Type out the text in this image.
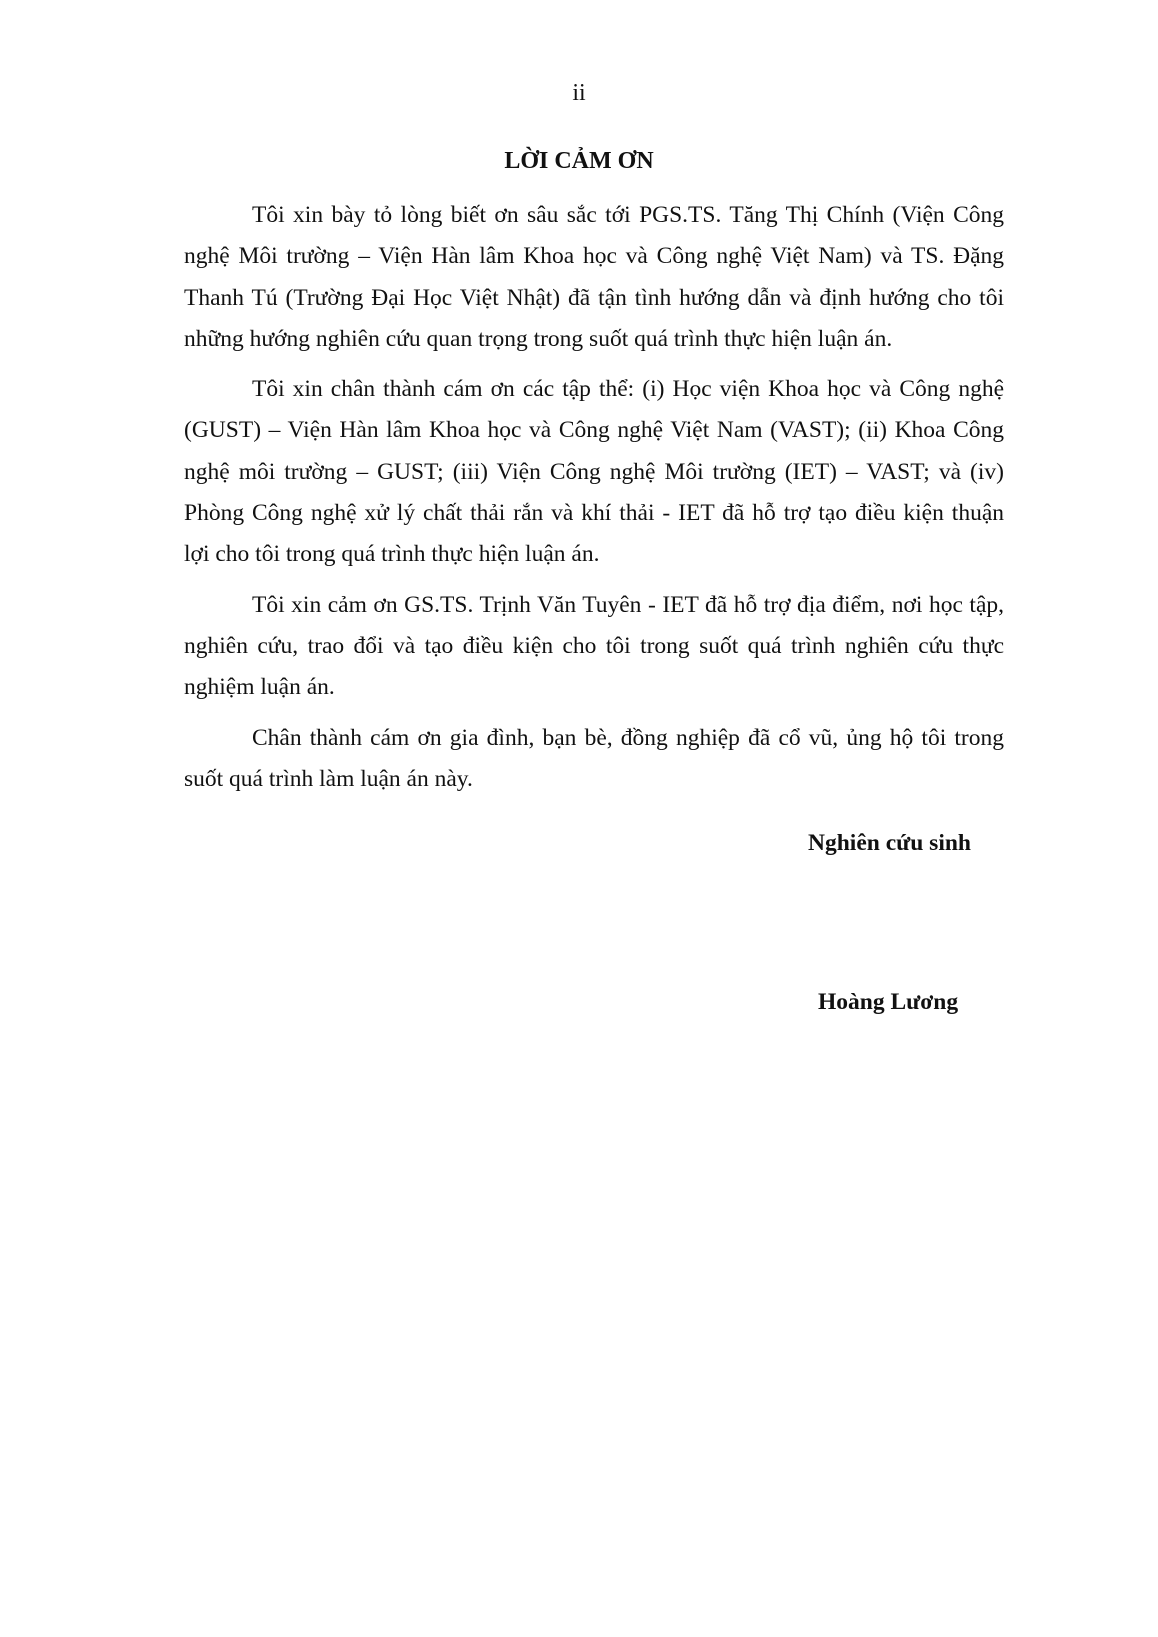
ii
LỜI CẢM ƠN
Tôi xin bày tỏ lòng biết ơn sâu sắc tới PGS.TS. Tăng Thị Chính (Viện Công
nghệ Môi trường – Viện Hàn lâm Khoa học và Công nghệ Việt Nam) và TS. Đặng
Thanh Tú (Trường Đại Học Việt Nhật) đã tận tình hướng dẫn và định hướng cho tôi
những hướng nghiên cứu quan trọng trong suốt quá trình thực hiện luận án.
Tôi xin chân thành cám ơn các tập thể: (i) Học viện Khoa học và Công nghệ
(GUST) – Viện Hàn lâm Khoa học và Công nghệ Việt Nam (VAST); (ii) Khoa Công
nghệ môi trường – GUST; (iii) Viện Công nghệ Môi trường (IET) – VAST; và (iv)
Phòng Công nghệ xử lý chất thải rắn và khí thải - IET đã hỗ trợ tạo điều kiện thuận
lợi cho tôi trong quá trình thực hiện luận án.
Tôi xin cảm ơn GS.TS. Trịnh Văn Tuyên - IET đã hỗ trợ địa điểm, nơi học tập,
nghiên cứu, trao đổi và tạo điều kiện cho tôi trong suốt quá trình nghiên cứu thực
nghiệm luận án.
Chân thành cám ơn gia đình, bạn bè, đồng nghiệp đã cổ vũ, ủng hộ tôi trong
suốt quá trình làm luận án này.
Nghiên cứu sinh
Hoàng Lương
